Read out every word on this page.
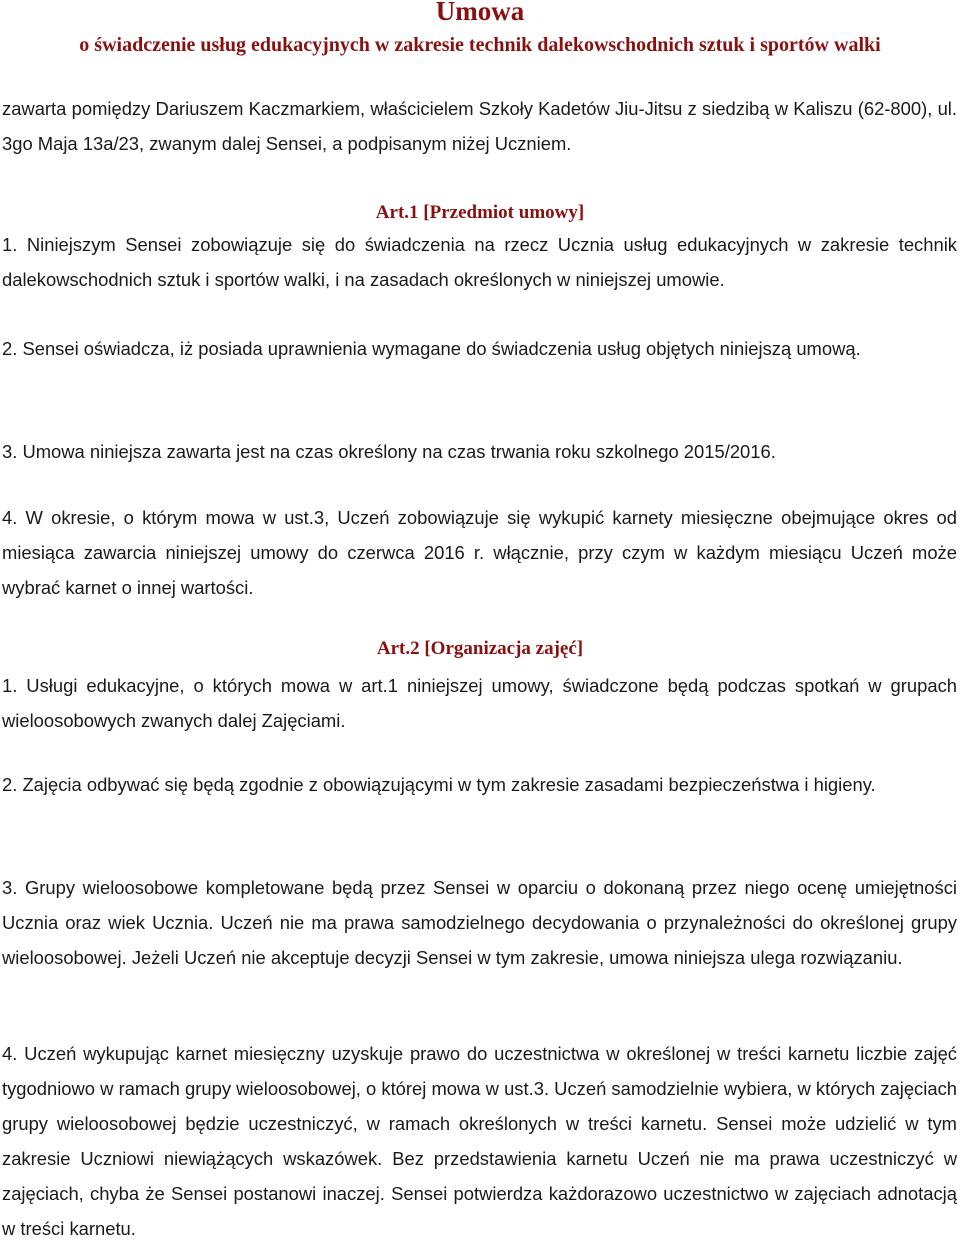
Umowa
o świadczenie usług edukacyjnych w zakresie technik dalekowschodnich sztuk i sportów walki

zawarta pomiędzy Dariuszem Kaczmarkiem, właścicielem Szkoły Kadetów Jiu-Jitsu z siedzibą w Kaliszu (62-800), ul. 3go Maja 13a/23, zwanym dalej Sensei, a podpisanym niżej Uczniem.

Art.1 [Przedmiot umowy]

1. Niniejszym Sensei zobowiązuje się do świadczenia na rzecz Ucznia usług edukacyjnych w zakresie technik dalekowschodnich sztuk i sportów walki, i na zasadach określonych w niniejszej umowie.

2. Sensei oświadcza, iż posiada uprawnienia wymagane do świadczenia usług objętych niniejszą umową.

3. Umowa niniejsza zawarta jest na czas określony na czas trwania roku szkolnego 2015/2016.

4. W okresie, o którym mowa w ust.3, Uczeń zobowiązuje się wykupić karnety miesięczne obejmujące okres od miesiąca zawarcia niniejszej umowy do czerwca 2016 r. włącznie, przy czym w każdym miesiącu Uczeń może wybrać karnet o innej wartości.

Art.2 [Organizacja zajęć]

1. Usługi edukacyjne, o których mowa w art.1 niniejszej umowy, świadczone będą podczas spotkań w grupach wieloosobowych zwanych dalej Zajęciami.

2. Zajęcia odbywać się będą zgodnie z obowiązującymi w tym zakresie zasadami bezpieczeństwa i higieny.

3. Grupy wieloosobowe kompletowane będą przez Sensei w oparciu o dokonaną przez niego ocenę umiejętności Ucznia oraz wiek Ucznia. Uczeń nie ma prawa samodzielnego decydowania o przynależności do określonej grupy wieloosobowej. Jeżeli Uczeń nie akceptuje decyzji Sensei w tym zakresie, umowa niniejsza ulega rozwiązaniu.

4. Uczeń wykupując karnet miesięczny uzyskuje prawo do uczestnictwa w określonej w treści karnetu liczbie zajęć tygodniowo w ramach grupy wieloosobowej, o której mowa w ust.3. Uczeń samodzielnie wybiera, w których zajęciach grupy wieloosobowej będzie uczestniczyć, w ramach określonych w treści karnetu. Sensei może udzielić w tym zakresie Uczniowi niewiążących wskazówek. Bez przedstawienia karnetu Uczeń nie ma prawa uczestniczyć w zajęciach, chyba że Sensei postanowi inaczej. Sensei potwierdza każdorazowo uczestnictwo w zajęciach adnotacją w treści karnetu.
